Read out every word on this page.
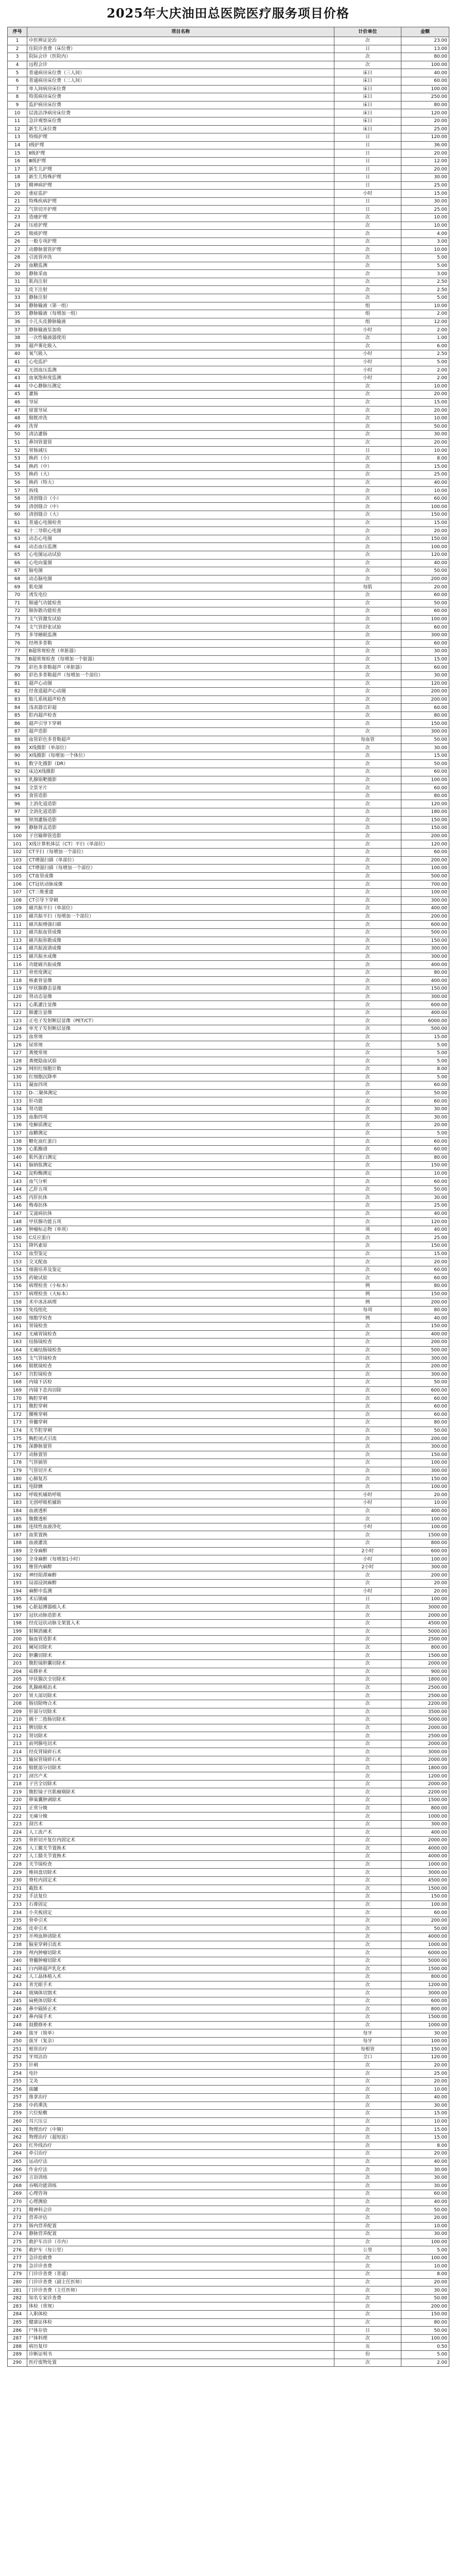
2025年大庆油田总医院医疗服务项目价格
序号	项目名称	计价单位	金额
1	中医辨证论治	次	23.00
2	住院诊查费（床位费）	日	13.00
3	院际会诊（医院内）	次	80.00
4	远程会诊	次	100.00
5	普通病房床位费（三人间）	床日	40.00
6	普通病房床位费（二人间）	床日	60.00
7	单人间病房床位费	床日	100.00
8	特需病房床位费	床日	250.00
9	监护病房床位费	床日	80.00
10	层流洁净病房床位费	床日	120.00
11	急诊观察床位费	床日	20.00
12	新生儿床位费	床日	25.00
13	特级护理	日	120.00
14	Ⅰ级护理	日	36.00
15	Ⅱ级护理	日	20.00
16	Ⅲ级护理	日	12.00
17	新生儿护理	日	20.00
18	新生儿特殊护理	日	30.00
19	精神病护理	日	25.00
20	重症监护	小时	15.00
21	特殊疾病护理	日	30.00
22	气管切开护理	日	25.00
23	造瘘护理	次	10.00
24	压疮护理	次	10.00
25	吸痰护理	次	4.00
26	一般专项护理	次	3.00
27	动静脉置管护理	次	10.00
28	引流管冲洗	次	5.00
29	血糖监测	次	5.00
30	静脉采血	次	3.00
31	肌肉注射	次	2.50
32	皮下注射	次	2.50
33	静脉注射	次	5.00
34	静脉输液（第一组）	组	10.00
35	静脉输液（每增加一组）	组	2.00
36	小儿头皮静脉输液	组	12.00
37	静脉输液泵加收	小时	2.00
38	一次性输液器使用	次	1.00
39	超声雾化吸入	次	6.00
40	氧气吸入	小时	2.50
41	心电监护	小时	5.00
42	无创血压监测	小时	2.00
43	血氧饱和度监测	小时	2.00
44	中心静脉压测定	次	10.00
45	灌肠	次	20.00
46	导尿	次	15.00
47	留置导尿	次	20.00
48	膀胱冲洗	次	10.00
49	洗胃	次	50.00
50	清洁灌肠	次	30.00
51	鼻饲管置管	次	20.00
52	胃肠减压	日	10.00
53	换药（小）	次	8.00
54	换药（中）	次	15.00
55	换药（大）	次	25.00
56	换药（特大）	次	40.00
57	拆线	次	10.00
58	清创缝合（小）	次	60.00
59	清创缝合（中）	次	100.00
60	清创缝合（大）	次	150.00
61	普通心电图检查	次	15.00
62	十二导联心电图	次	20.00
63	动态心电图	次	150.00
64	动态血压监测	次	100.00
65	心电图运动试验	次	120.00
66	心电向量图	次	40.00
67	脑电图	次	50.00
68	动态脑电图	次	200.00
69	肌电图	每肌	20.00
70	诱发电位	次	60.00
71	肺通气功能检查	次	50.00
72	肺弥散功能检查	次	60.00
73	支气管激发试验	次	100.00
74	支气管舒张试验	次	60.00
75	多导睡眠监测	次	300.00
76	经颅多普勒	次	60.00
77	B超常规检查（单脏器）	次	30.00
78	B超常规检查（每增加一个脏器）	次	15.00
79	彩色多普勒超声（单脏器）	次	60.00
80	彩色多普勒超声（每增加一个部位）	次	30.00
81	超声心动图	次	120.00
82	经食道超声心动图	次	200.00
83	胎儿系统超声检查	次	200.00
84	浅表器官彩超	次	60.00
85	腔内超声检查	次	80.00
86	超声引导下穿刺	次	150.00
87	超声造影	次	300.00
88	血管彩色多普勒超声	每血管	50.00
89	X线摄影（单部位）	次	30.00
90	X线摄影（每增加一个体位）	次	15.00
91	数字化摄影（DR）	次	50.00
92	床边X线摄影	次	60.00
93	乳腺钼靶摄影	次	100.00
94	全景牙片	次	60.00
95	食管造影	次	80.00
96	上消化道造影	次	120.00
97	全消化道造影	次	180.00
98	钡剂灌肠造影	次	150.00
99	静脉肾盂造影	次	150.00
100	子宫输卵管造影	次	200.00
101	X线计算机体层（CT）平扫（单部位）	次	120.00
102	CT平扫（每增加一个部位）	次	60.00
103	CT增强扫描（单部位）	次	200.00
104	CT增强扫描（每增加一个部位）	次	100.00
105	CT血管成像	次	500.00
106	CT冠状动脉成像	次	700.00
107	CT三维重建	次	100.00
108	CT引导下穿刺	次	300.00
109	磁共振平扫（单部位）	次	400.00
110	磁共振平扫（每增加一个部位）	次	200.00
111	磁共振增强扫描	次	600.00
112	磁共振血管成像	次	500.00
113	磁共振弥散成像	次	150.00
114	磁共振波谱成像	次	300.00
115	磁共振水成像	次	300.00
116	功能磁共振成像	次	400.00
117	骨密度测定	次	80.00
118	核素骨显像	次	400.00
119	甲状腺静态显像	次	150.00
120	肾动态显像	次	300.00
121	心肌灌注显像	次	600.00
122	肺灌注显像	次	400.00
123	正电子发射断层显像（PET/CT）	次	6000.00
124	单光子发射断层显像	次	500.00
125	血常规	次	15.00
126	尿常规	次	5.00
127	粪便常规	次	5.00
128	粪便隐血试验	次	5.00
129	网织红细胞计数	次	8.00
130	红细胞沉降率	次	5.00
131	凝血四项	次	60.00
132	D-二聚体测定	次	50.00
133	肝功能	次	60.00
134	肾功能	次	30.00
135	血脂四项	次	30.00
136	电解质测定	次	20.00
137	血糖测定	次	5.00
138	糖化血红蛋白	次	60.00
139	心肌酶谱	次	60.00
140	肌钙蛋白测定	次	80.00
141	脑钠肽测定	次	150.00
142	淀粉酶测定	次	10.00
143	血气分析	次	60.00
144	乙肝五项	次	50.00
145	丙肝抗体	次	30.00
146	梅毒抗体	次	25.00
147	艾滋病抗体	次	40.00
148	甲状腺功能五项	次	120.00
149	肿瘤标志物（单项）	项	40.00
150	C反应蛋白	次	25.00
151	降钙素原	次	150.00
152	血型鉴定	次	15.00
153	交叉配血	次	20.00
154	细菌培养及鉴定	次	60.00
155	药敏试验	次	60.00
156	病理检查（小标本）	例	80.00
157	病理检查（大标本）	例	150.00
158	术中冰冻病理	例	200.00
159	免疫组化	每项	80.00
160	细胞学检查	例	40.00
161	胃镜检查	次	150.00
162	无痛胃镜检查	次	400.00
163	结肠镜检查	次	200.00
164	无痛结肠镜检查	次	500.00
165	支气管镜检查	次	300.00
166	膀胱镜检查	次	200.00
167	宫腔镜检查	次	300.00
168	内镜下活检	次	50.00
169	内镜下息肉切除	次	600.00
170	胸腔穿刺	次	60.00
171	腹腔穿刺	次	60.00
172	腰椎穿刺	次	60.00
173	骨髓穿刺	次	80.00
174	关节腔穿刺	次	50.00
175	胸腔闭式引流	次	200.00
176	深静脉置管	次	300.00
177	动脉置管	次	150.00
178	气管插管	次	100.00
179	气管切开术	次	300.00
180	心肺复苏	次	150.00
181	电除颤	次	100.00
182	呼吸机辅助呼吸	小时	20.00
183	无创呼吸机辅助	小时	10.00
184	血液透析	次	400.00
185	腹膜透析	次	100.00
186	连续性血液净化	小时	100.00
187	血浆置换	次	1500.00
188	血液灌流	次	800.00
189	全身麻醉	2小时	600.00
190	全身麻醉（每增加1小时）	小时	100.00
191	椎管内麻醉	2小时	300.00
192	神经阻滞麻醉	次	200.00
193	局部浸润麻醉	次	20.00
194	麻醉中监测	小时	20.00
195	术后镇痛	日	100.00
196	心脏起搏器植入术	次	3000.00
197	冠状动脉造影术	次	2000.00
198	经皮冠状动脉支架置入术	次	4500.00
199	射频消融术	次	5000.00
200	脑血管造影术	次	2500.00
201	阑尾切除术	次	800.00
202	胆囊切除术	次	1500.00
203	腹腔镜胆囊切除术	次	2000.00
204	疝修补术	次	900.00
205	甲状腺次全切除术	次	1800.00
206	乳腺癌根治术	次	2500.00
207	胃大部切除术	次	2500.00
208	肠切除吻合术	次	2200.00
209	肝部分切除术	次	3500.00
210	胰十二指肠切除术	次	5000.00
211	脾切除术	次	2000.00
212	肾切除术	次	2500.00
213	前列腺电切术	次	2000.00
214	经皮肾镜碎石术	次	3000.00
215	输尿管镜碎石术	次	2000.00
216	膀胱部分切除术	次	1800.00
217	剖宫产术	次	1200.00
218	子宫全切除术	次	2000.00
219	腹腔镜子宫肌瘤剔除术	次	2200.00
220	卵巢囊肿剥除术	次	1500.00
221	正常分娩	次	800.00
222	无痛分娩	次	1000.00
223	刮宫术	次	300.00
224	人工流产术	次	400.00
225	骨折切开复位内固定术	次	2000.00
226	人工髋关节置换术	次	4000.00
227	人工膝关节置换术	次	4000.00
228	关节镜检查	次	1000.00
229	椎间盘切除术	次	3000.00
230	脊柱内固定术	次	4500.00
231	截肢术	次	1500.00
232	手法复位	次	150.00
233	石膏固定	次	100.00
234	小夹板固定	次	60.00
235	骨牵引术	次	200.00
236	皮牵引术	次	50.00
237	开颅血肿清除术	次	4000.00
238	脑室穿刺引流术	次	1000.00
239	颅内肿瘤切除术	次	6000.00
240	脊髓肿瘤切除术	次	5000.00
241	白内障超声乳化术	次	1500.00
242	人工晶体植入术	次	800.00
243	青光眼手术	次	1200.00
244	玻璃体切割术	次	3000.00
245	扁桃体切除术	次	600.00
246	鼻中隔矫正术	次	800.00
247	鼻内镜手术	次	1500.00
248	鼓膜修补术	次	1000.00
249	拔牙（简单）	每牙	30.00
250	拔牙（复杂）	每牙	100.00
251	根管治疗	每根管	150.00
252	牙周洁治	全口	120.00
253	针刺	次	20.00
254	电针	次	25.00
255	艾灸	次	20.00
256	拔罐	次	10.00
257	推拿治疗	次	40.00
258	中药熏洗	次	30.00
259	穴位贴敷	次	15.00
260	耳穴压豆	次	10.00
261	物理治疗（中频）	次	15.00
262	物理治疗（超短波）	次	15.00
263	红外线治疗	次	8.00
264	牵引治疗	次	20.00
265	运动疗法	次	40.00
266	作业疗法	次	30.00
267	言语训练	次	30.00
268	吞咽功能训练	次	30.00
269	心理咨询	次	60.00
270	心理测验	次	40.00
271	精神科会诊	次	50.00
272	营养评估	次	20.00
273	肠内营养配置	次	10.00
274	静脉营养配置	次	30.00
275	救护车出诊（市内）	次	100.00
276	救护车（每公里）	公里	5.00
277	急诊抢救费	次	100.00
278	急诊诊查费	次	10.00
279	门诊诊查费（普通）	次	8.00
280	门诊诊查费（副主任医师）	次	20.00
281	门诊诊查费（主任医师）	次	30.00
282	知名专家诊查费	次	50.00
283	体检（常规）	次	200.00
284	入职体检	次	150.00
285	健康证体检	次	80.00
286	尸体存放	日	50.00
287	尸体料理	次	100.00
288	病历复印	页	0.50
289	诊断证明书	份	5.00
290	医疗废物处置	次	2.00
